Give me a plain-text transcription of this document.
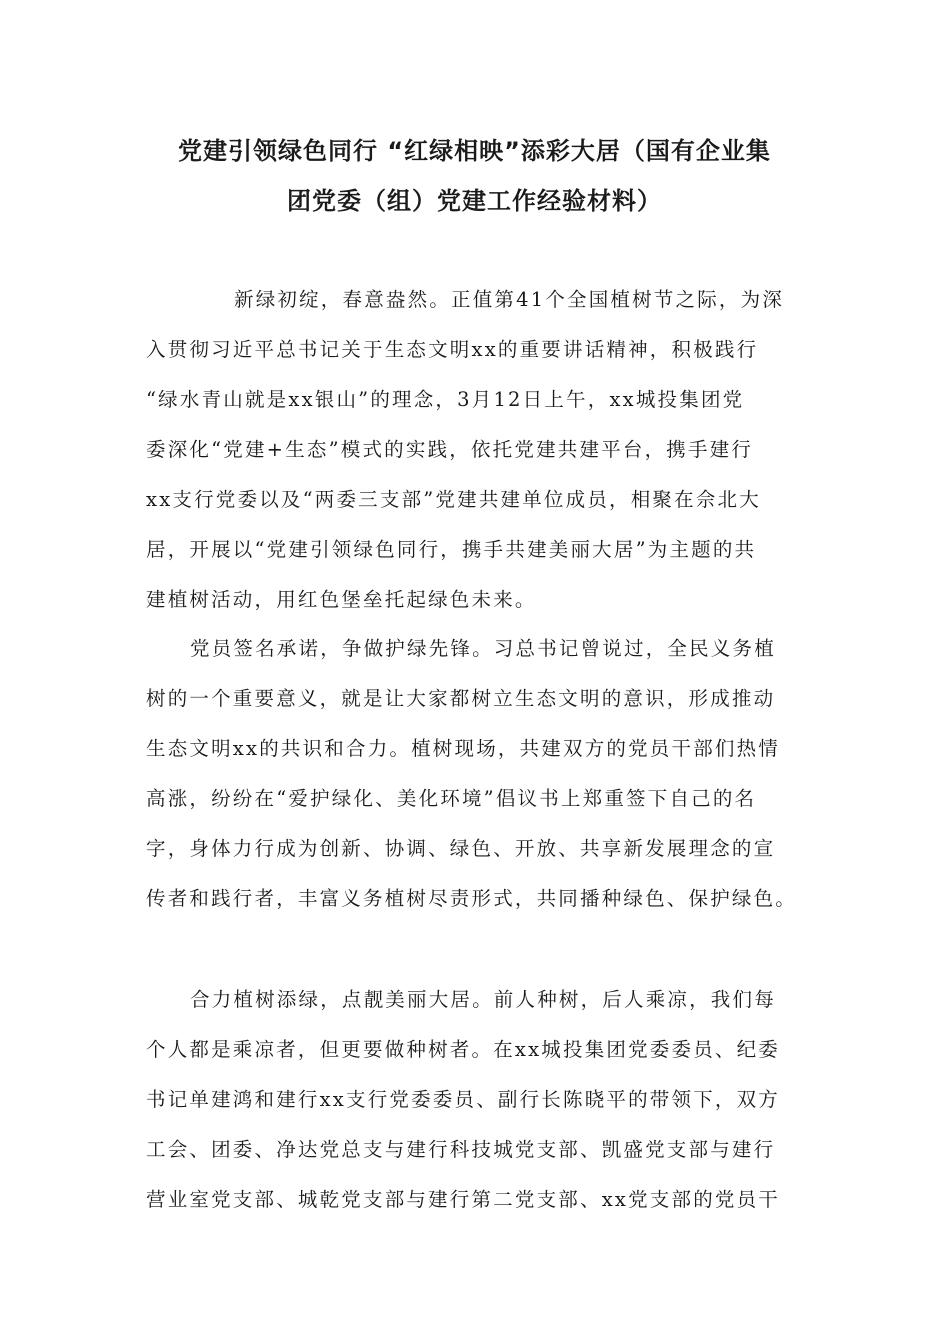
党建引领绿色同行 “红绿相映”添彩大居（国有企业集
团党委（组）党建工作经验材料）
新绿初绽，春意盎然。正值第41个全国植树节之际，为深
入贯彻习近平总书记关于生态文明xx的重要讲话精神，积极践行
“绿水青山就是xx银山”的理念，3月12日上午，xx城投集团党
委深化“党建+生态”模式的实践，依托党建共建平台，携手建行
xx支行党委以及“两委三支部”党建共建单位成员，相聚在佘北大
居，开展以“党建引领绿色同行，携手共建美丽大居”为主题的共
建植树活动，用红色堡垒托起绿色未来。
党员签名承诺，争做护绿先锋。习总书记曾说过，全民义务植
树的一个重要意义，就是让大家都树立生态文明的意识，形成推动
生态文明xx的共识和合力。植树现场，共建双方的党员干部们热情
高涨，纷纷在“爱护绿化、美化环境”倡议书上郑重签下自己的名
字，身体力行成为创新、协调、绿色、开放、共享新发展理念的宣
传者和践行者，丰富义务植树尽责形式，共同播种绿色、保护绿色。
合力植树添绿，点靓美丽大居。前人种树，后人乘凉，我们每
个人都是乘凉者，但更要做种树者。在xx城投集团党委委员、纪委
书记单建鸿和建行xx支行党委委员、副行长陈晓平的带领下，双方
工会、团委、净达党总支与建行科技城党支部、凯盛党支部与建行
营业室党支部、城乾党支部与建行第二党支部、xx党支部的党员干
